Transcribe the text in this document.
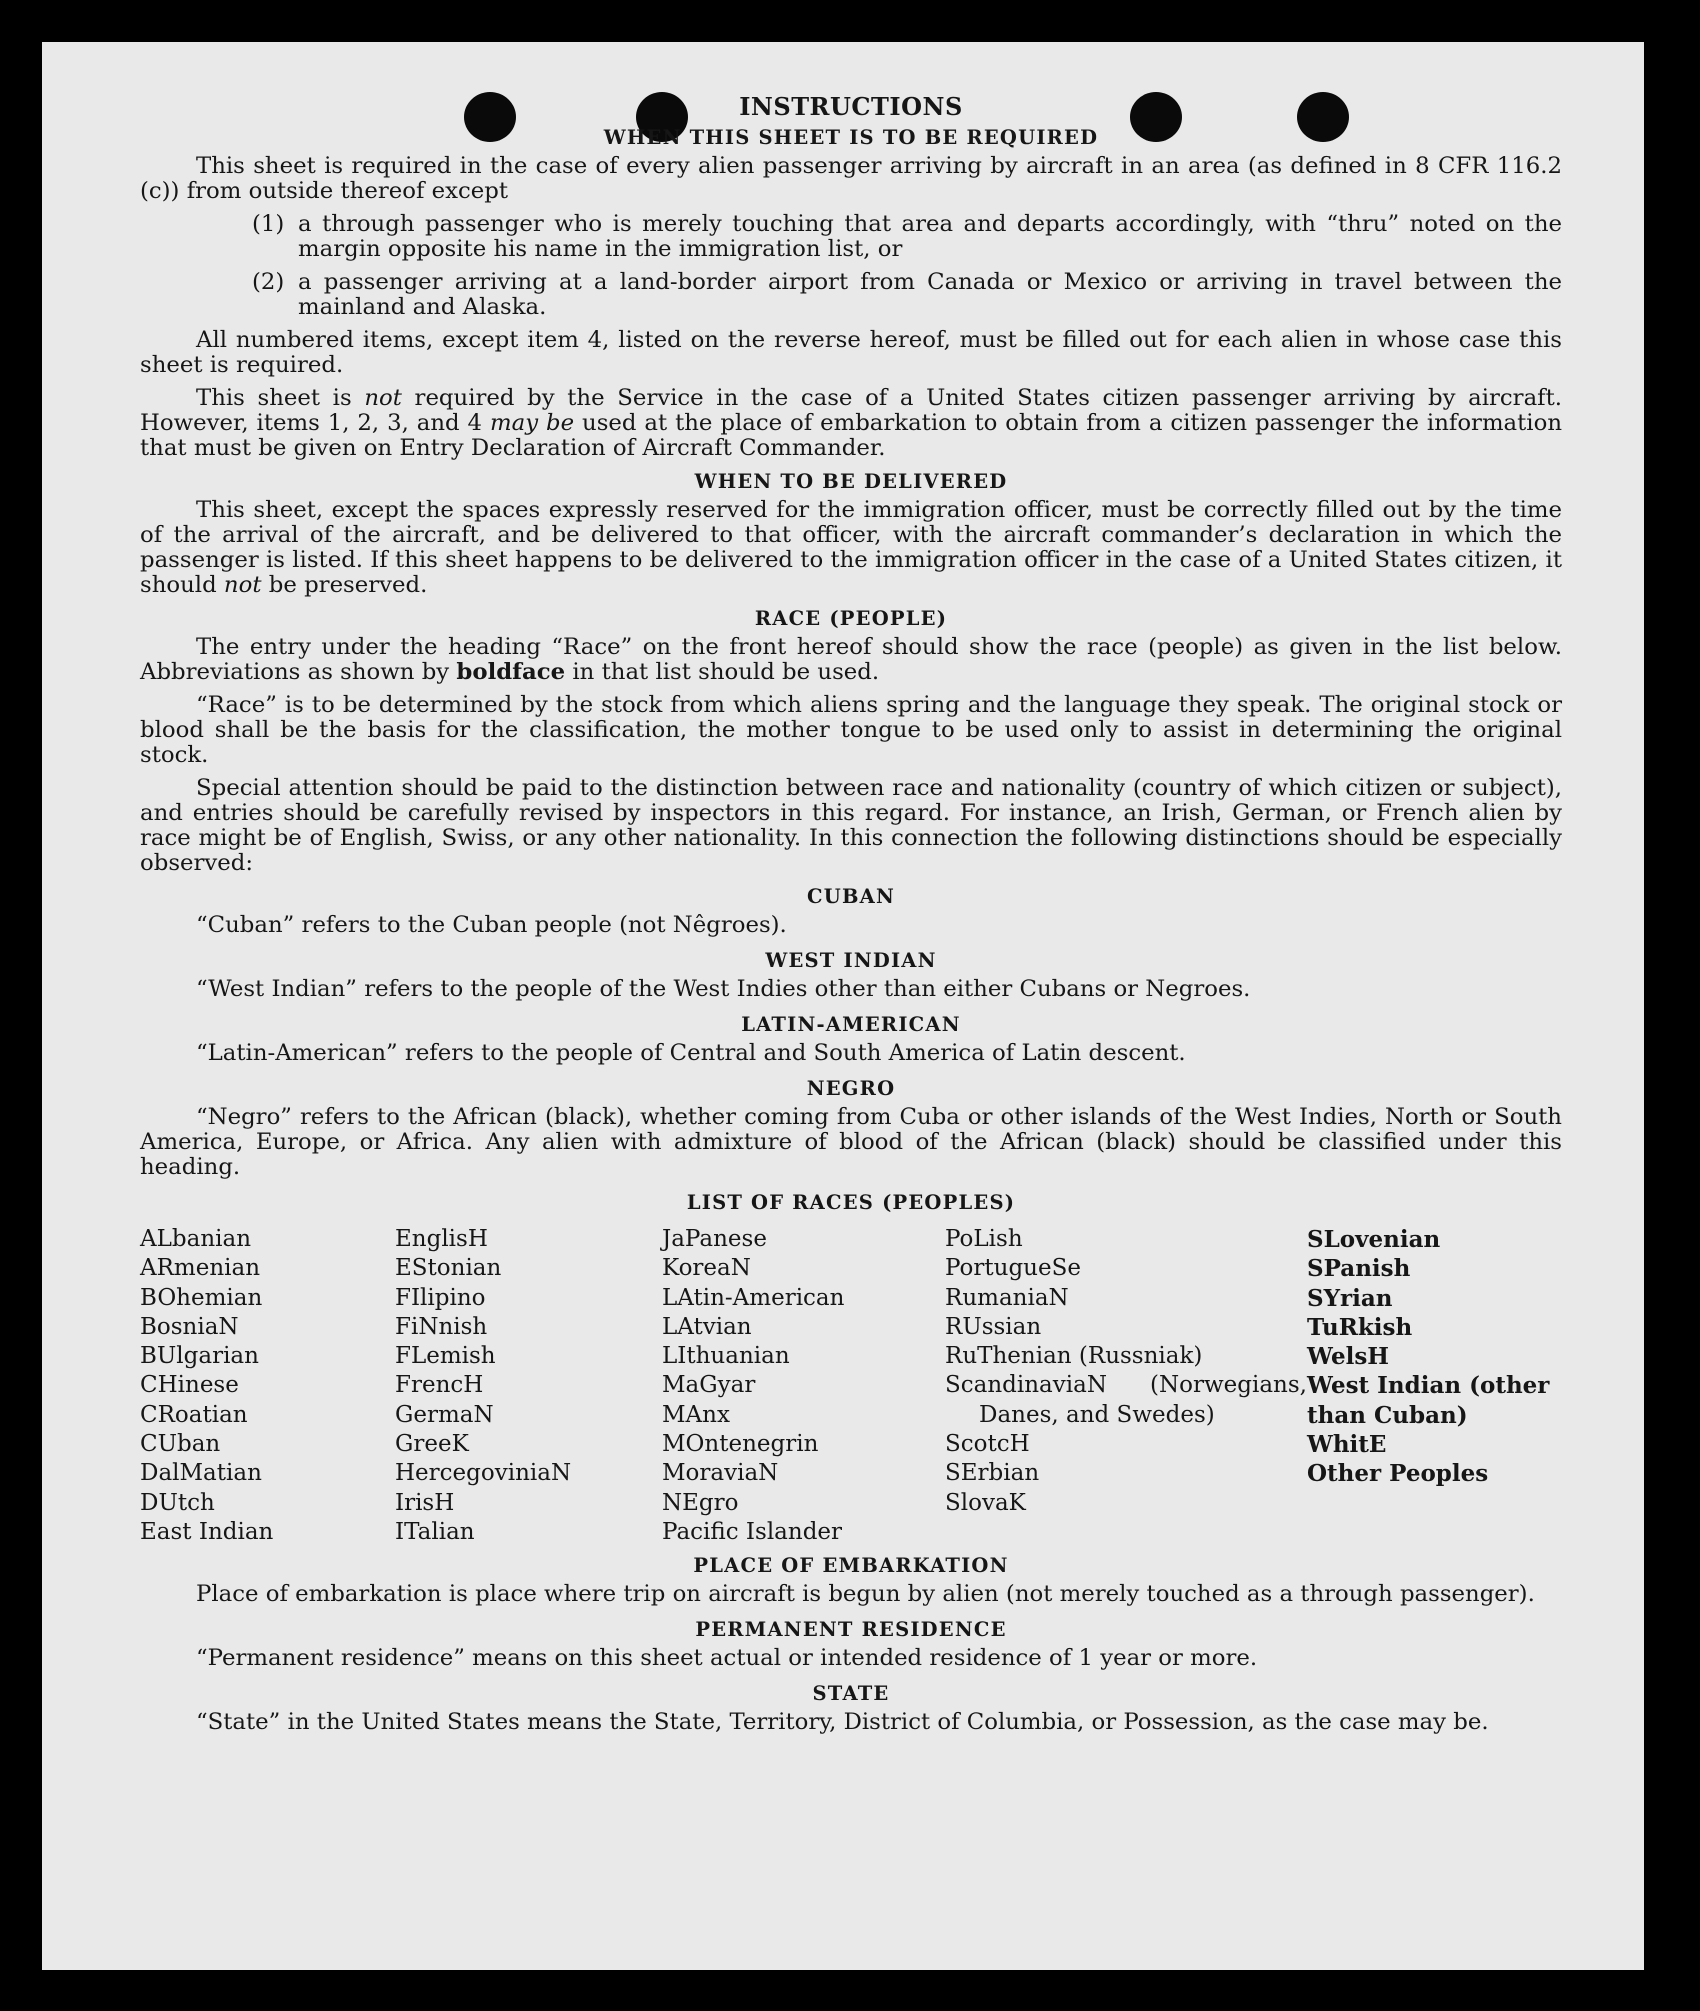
INSTRUCTIONS
WHEN THIS SHEET IS TO BE REQUIRED

This sheet is required in the case of every alien passenger arriving by aircraft in an area (as defined in 8 CFR 116.2 (c)) from outside thereof except

(1) a through passenger who is merely touching that area and departs accordingly, with “thru” noted on the margin opposite his name in the immigration list, or
(2) a passenger arriving at a land-border airport from Canada or Mexico or arriving in travel between the mainland and Alaska.

All numbered items, except item 4, listed on the reverse hereof, must be filled out for each alien in whose case this sheet is required.

This sheet is not required by the Service in the case of a United States citizen passenger arriving by aircraft. However, items 1, 2, 3, and 4 may be used at the place of embarkation to obtain from a citizen passenger the information that must be given on Entry Declaration of Aircraft Commander.

WHEN TO BE DELIVERED

This sheet, except the spaces expressly reserved for the immigration officer, must be correctly filled out by the time of the arrival of the aircraft, and be delivered to that officer, with the aircraft commander’s declaration in which the passenger is listed. If this sheet happens to be delivered to the immigration officer in the case of a United States citizen, it should not be preserved.

RACE (PEOPLE)

The entry under the heading “Race” on the front hereof should show the race (people) as given in the list below. Abbreviations as shown by boldface in that list should be used.

“Race” is to be determined by the stock from which aliens spring and the language they speak. The original stock or blood shall be the basis for the classification, the mother tongue to be used only to assist in determining the original stock.

Special attention should be paid to the distinction between race and nationality (country of which citizen or subject), and entries should be carefully revised by inspectors in this regard. For instance, an Irish, German, or French alien by race might be of English, Swiss, or any other nationality. In this connection the following distinctions should be especially observed:

CUBAN

“Cuban” refers to the Cuban people (not Nêgroes).

WEST INDIAN

“West Indian” refers to the people of the West Indies other than either Cubans or Negroes.

LATIN-AMERICAN

“Latin-American” refers to the people of Central and South America of Latin descent.

NEGRO

“Negro” refers to the African (black), whether coming from Cuba or other islands of the West Indies, North or South America, Europe, or Africa. Any alien with admixture of blood of the African (black) should be classified under this heading.

LIST OF RACES (PEOPLES)
ALbanian
ARmenian
BOhemian
BosniaN
BUlgarian
CHinese
CRoatian
CUban
DalMatian
DUtch
East Indian
EnglisH
EStonian
FIlipino
FiNnish
FLemish
FrencH
GermaN
GreeK
HercegoviniaN
IrisH
ITalian
JaPanese
KoreaN
LAtin-American
LAtvian
LIthuanian
MaGyar
MAnx
MOntenegrin
MoraviaN
NEgro
Pacific Islander
PoLish
PortugueSe
RumaniaN
RUssian
RuThenian (Russniak)
ScandinaviaN (Norwegians, Danes, and Swedes)
ScotcH
SErbian
SlovaK
SLovenian
SPanish
SYrian
TuRkish
WelsH
West Indian (other than Cuban)
WhitE
Other Peoples
PLACE OF EMBARKATION

Place of embarkation is place where trip on aircraft is begun by alien (not merely touched as a through passenger).

PERMANENT RESIDENCE

“Permanent residence” means on this sheet actual or intended residence of 1 year or more.

STATE

“State” in the United States means the State, Territory, District of Columbia, or Possession, as the case may be.
